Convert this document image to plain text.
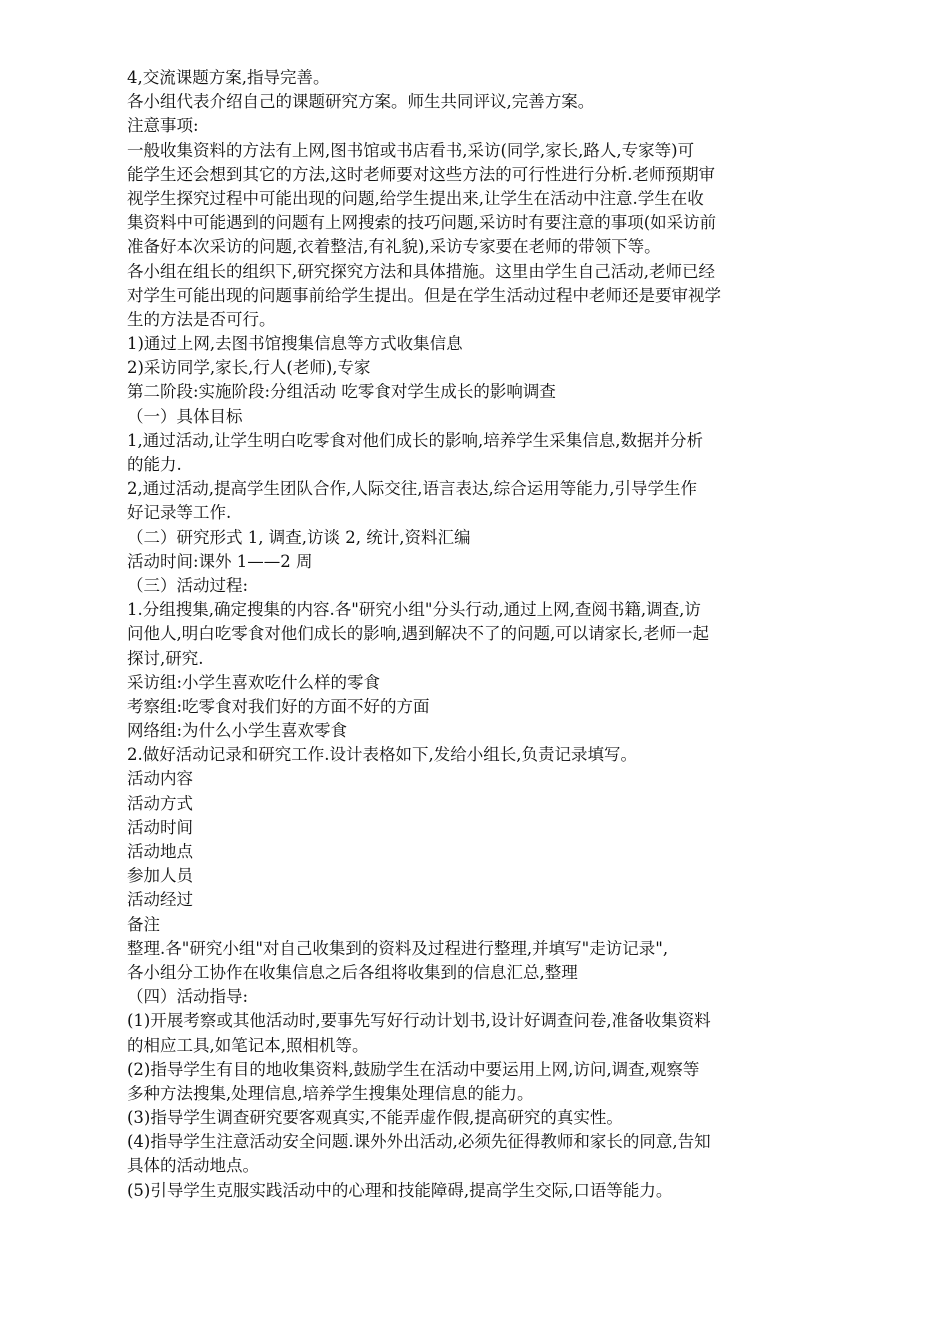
4,交流课题方案,指导完善。
各小组代表介绍自己的课题研究方案。师生共同评议,完善方案。
注意事项:
一般收集资料的方法有上网,图书馆或书店看书,采访(同学,家长,路人,专家等)可
能学生还会想到其它的方法,这时老师要对这些方法的可行性进行分析.老师预期审
视学生探究过程中可能出现的问题,给学生提出来,让学生在活动中注意.学生在收
集资料中可能遇到的问题有上网搜索的技巧问题,采访时有要注意的事项(如采访前
准备好本次采访的问题,衣着整洁,有礼貌),采访专家要在老师的带领下等。
各小组在组长的组织下,研究探究方法和具体措施。这里由学生自己活动,老师已经
对学生可能出现的问题事前给学生提出。但是在学生活动过程中老师还是要审视学
生的方法是否可行。
1)通过上网,去图书馆搜集信息等方式收集信息
2)采访同学,家长,行人(老师),专家
第二阶段:实施阶段:分组活动 吃零食对学生成长的影响调查
（一）具体目标
1,通过活动,让学生明白吃零食对他们成长的影响,培养学生采集信息,数据并分析
的能力.
2,通过活动,提高学生团队合作,人际交往,语言表达,综合运用等能力,引导学生作
好记录等工作.
（二）研究形式 1, 调查,访谈 2, 统计,资料汇编
活动时间:课外 1——2 周
（三）活动过程:
1.分组搜集,确定搜集的内容.各"研究小组"分头行动,通过上网,查阅书籍,调查,访
问他人,明白吃零食对他们成长的影响,遇到解决不了的问题,可以请家长,老师一起
探讨,研究.
采访组:小学生喜欢吃什么样的零食
考察组:吃零食对我们好的方面不好的方面
网络组:为什么小学生喜欢零食
2.做好活动记录和研究工作.设计表格如下,发给小组长,负责记录填写。
活动内容
活动方式
活动时间
活动地点
参加人员
活动经过
备注
整理.各"研究小组"对自己收集到的资料及过程进行整理,并填写"走访记录",
各小组分工协作在收集信息之后各组将收集到的信息汇总,整理
（四）活动指导:
(1)开展考察或其他活动时,要事先写好行动计划书,设计好调查问卷,准备收集资料
的相应工具,如笔记本,照相机等。
(2)指导学生有目的地收集资料,鼓励学生在活动中要运用上网,访问,调查,观察等
多种方法搜集,处理信息,培养学生搜集处理信息的能力。
(3)指导学生调查研究要客观真实,不能弄虚作假,提高研究的真实性。
(4)指导学生注意活动安全问题.课外外出活动,必须先征得教师和家长的同意,告知
具体的活动地点。
(5)引导学生克服实践活动中的心理和技能障碍,提高学生交际,口语等能力。
